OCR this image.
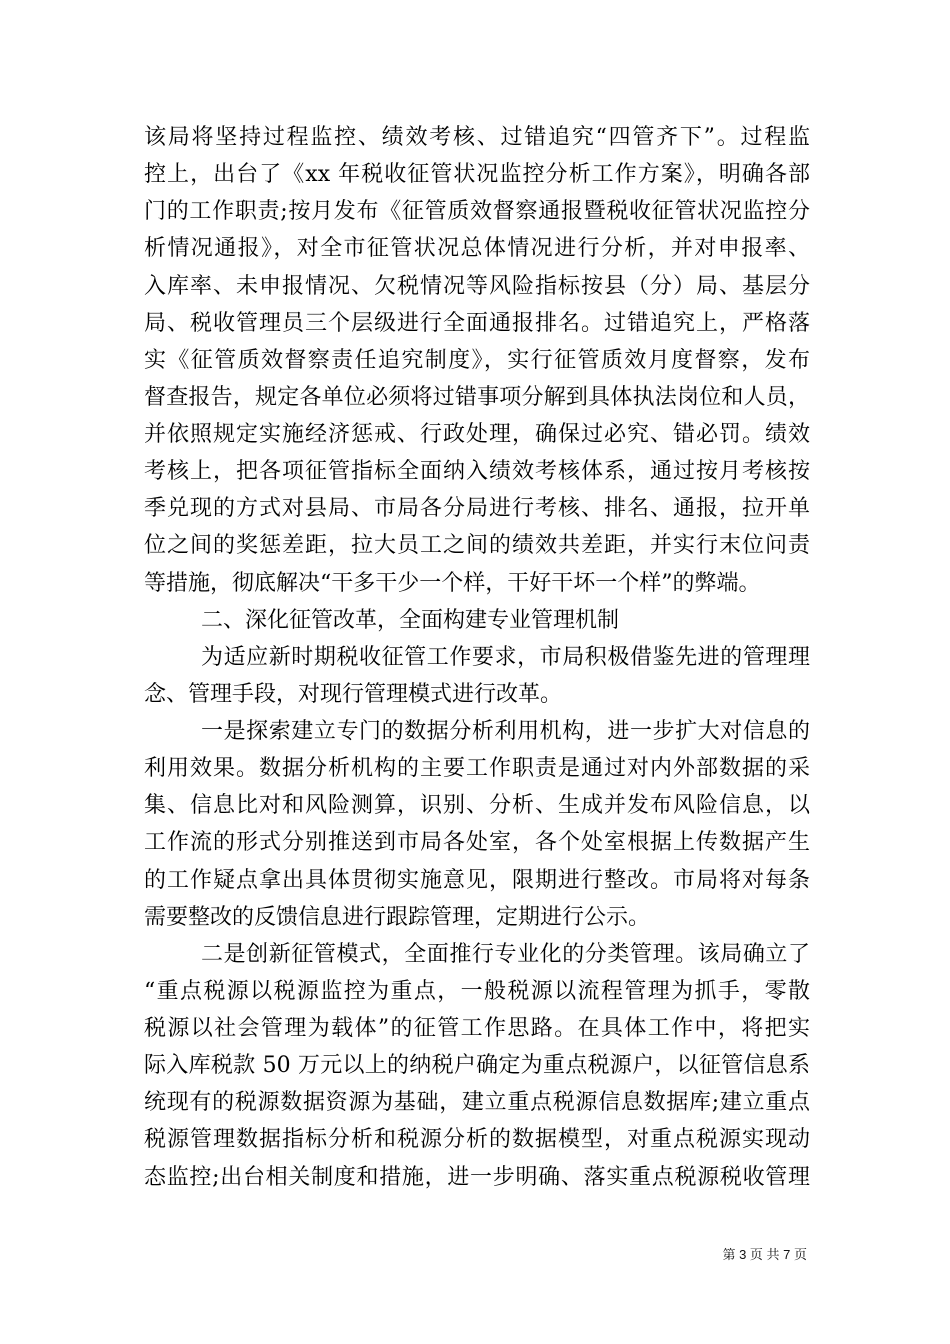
该局将坚持过程监控、绩效考核、过错追究“四管齐下”。过程监
控上，出台了《xx 年税收征管状况监控分析工作方案》，明确各部
门的工作职责;按月发布《征管质效督察通报暨税收征管状况监控分
析情况通报》，对全市征管状况总体情况进行分析，并对申报率、
入库率、未申报情况、欠税情况等风险指标按县（分）局、基层分
局、税收管理员三个层级进行全面通报排名。过错追究上，严格落
实《征管质效督察责任追究制度》，实行征管质效月度督察，发布
督查报告，规定各单位必须将过错事项分解到具体执法岗位和人员，
并依照规定实施经济惩戒、行政处理，确保过必究、错必罚。绩效
考核上，把各项征管指标全面纳入绩效考核体系，通过按月考核按
季兑现的方式对县局、市局各分局进行考核、排名、通报，拉开单
位之间的奖惩差距，拉大员工之间的绩效共差距，并实行末位问责
等措施，彻底解决“干多干少一个样，干好干坏一个样”的弊端。
二、深化征管改革，全面构建专业管理机制
为适应新时期税收征管工作要求，市局积极借鉴先进的管理理
念、管理手段，对现行管理模式进行改革。
一是探索建立专门的数据分析利用机构，进一步扩大对信息的
利用效果。数据分析机构的主要工作职责是通过对内外部数据的采
集、信息比对和风险测算，识别、分析、生成并发布风险信息，以
工作流的形式分别推送到市局各处室，各个处室根据上传数据产生
的工作疑点拿出具体贯彻实施意见，限期进行整改。市局将对每条
需要整改的反馈信息进行跟踪管理，定期进行公示。
二是创新征管模式，全面推行专业化的分类管理。该局确立了
“重点税源以税源监控为重点，一般税源以流程管理为抓手，零散
税源以社会管理为载体”的征管工作思路。在具体工作中，将把实
际入库税款 50 万元以上的纳税户确定为重点税源户，以征管信息系
统现有的税源数据资源为基础，建立重点税源信息数据库;建立重点
税源管理数据指标分析和税源分析的数据模型，对重点税源实现动
态监控;出台相关制度和措施，进一步明确、落实重点税源税收管理
第 3 页 共 7 页
